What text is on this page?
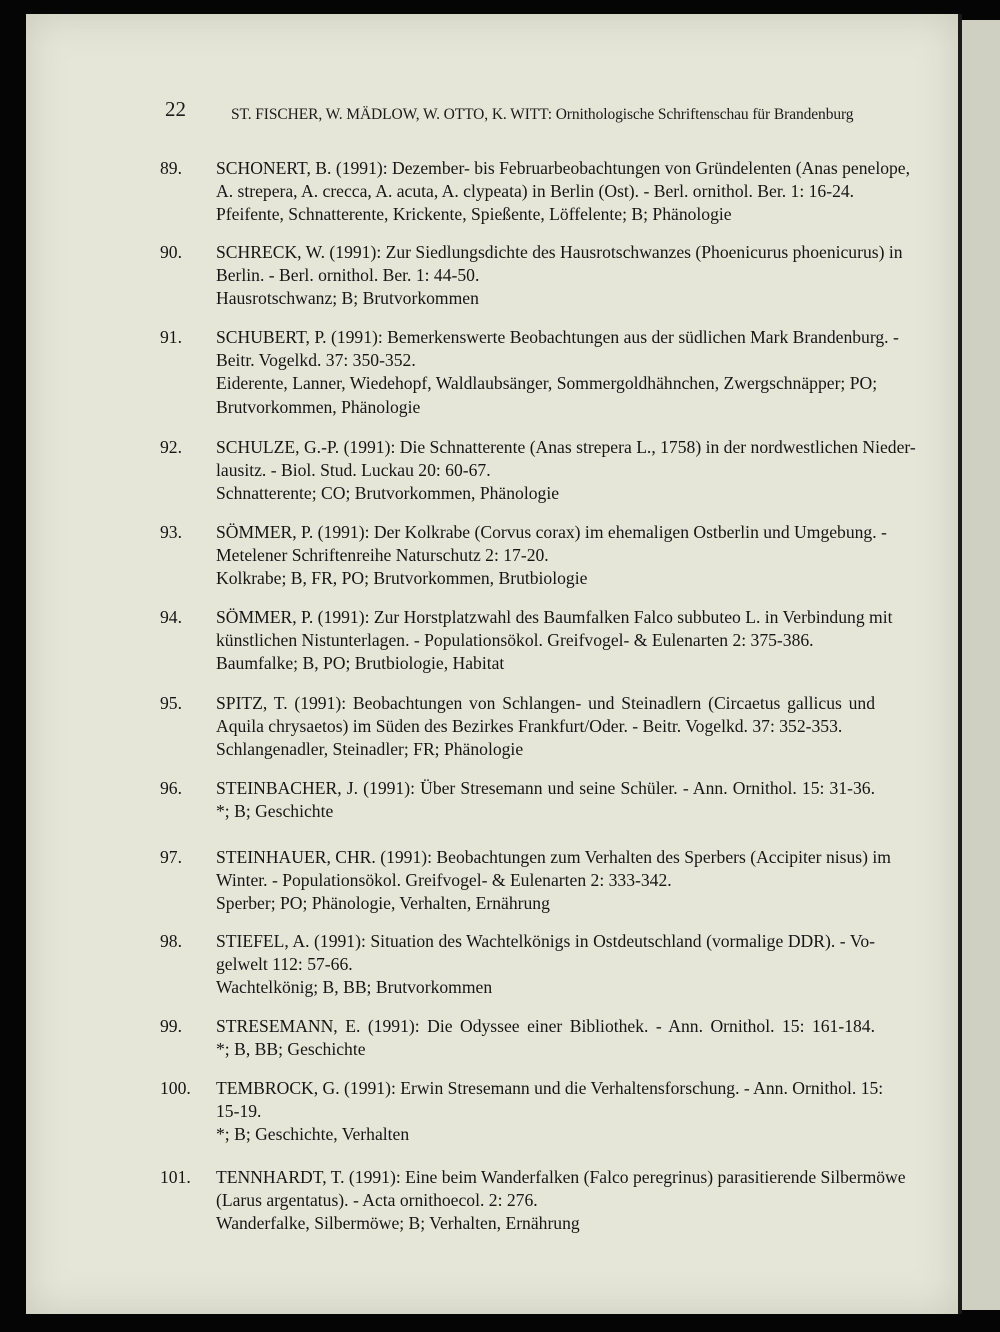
22	ST. FISCHER, W. MÄDLOW, W. OTTO, K. WITT: Ornithologische Schriftenschau für Brandenburg
89. SCHONERT, B. (1991): Dezember- bis Februarbeobachtungen von Gründelenten (Anas penelope,
A. strepera, A. crecca, A. acuta, A. clypeata) in Berlin (Ost). - Berl. ornithol. Ber. 1: 16-24.
Pfeifente, Schnatterente, Krickente, Spießente, Löffelente; B; Phänologie
90. SCHRECK, W. (1991): Zur Siedlungsdichte des Hausrotschwanzes (Phoenicurus phoenicurus) in
Berlin. - Berl. ornithol. Ber. 1: 44-50.
Hausrotschwanz; B; Brutvorkommen
91. SCHUBERT, P. (1991): Bemerkenswerte Beobachtungen aus der südlichen Mark Brandenburg. -
Beitr. Vogelkd. 37: 350-352.
Eiderente, Lanner, Wiedehopf, Waldlaubsänger, Sommergoldhähnchen, Zwergschnäpper; PO;
Brutvorkommen, Phänologie
92. SCHULZE, G.-P. (1991): Die Schnatterente (Anas strepera L., 1758) in der nordwestlichen Nieder-
lausitz. - Biol. Stud. Luckau 20: 60-67.
Schnatterente; CO; Brutvorkommen, Phänologie
93. SÖMMER, P. (1991): Der Kolkrabe (Corvus corax) im ehemaligen Ostberlin und Umgebung. -
Metelener Schriftenreihe Naturschutz 2: 17-20.
Kolkrabe; B, FR, PO; Brutvorkommen, Brutbiologie
94. SÖMMER, P. (1991): Zur Horstplatzwahl des Baumfalken Falco subbuteo L. in Verbindung mit
künstlichen Nistunterlagen. - Populationsökol. Greifvogel- & Eulenarten 2: 375-386.
Baumfalke; B, PO; Brutbiologie, Habitat
95. SPITZ, T. (1991): Beobachtungen von Schlangen- und Steinadlern (Circaetus gallicus und
Aquila chrysaetos) im Süden des Bezirkes Frankfurt/Oder. - Beitr. Vogelkd. 37: 352-353.
Schlangenadler, Steinadler; FR; Phänologie
96. STEINBACHER, J. (1991): Über Stresemann und seine Schüler. - Ann. Ornithol. 15: 31-36.
*; B; Geschichte
97. STEINHAUER, CHR. (1991): Beobachtungen zum Verhalten des Sperbers (Accipiter nisus) im
Winter. - Populationsökol. Greifvogel- & Eulenarten 2: 333-342.
Sperber; PO; Phänologie, Verhalten, Ernährung
98. STIEFEL, A. (1991): Situation des Wachtelkönigs in Ostdeutschland (vormalige DDR). - Vo-
gelwelt 112: 57-66.
Wachtelkönig; B, BB; Brutvorkommen
99. STRESEMANN, E. (1991): Die Odyssee einer Bibliothek. - Ann. Ornithol. 15: 161-184.
*; B, BB; Geschichte
100. TEMBROCK, G. (1991): Erwin Stresemann und die Verhaltensforschung. - Ann. Ornithol. 15:
15-19.
*; B; Geschichte, Verhalten
101. TENNHARDT, T. (1991): Eine beim Wanderfalken (Falco peregrinus) parasitierende Silbermöwe
(Larus argentatus). - Acta ornithoecol. 2: 276.
Wanderfalke, Silbermöwe; B; Verhalten, Ernährung
